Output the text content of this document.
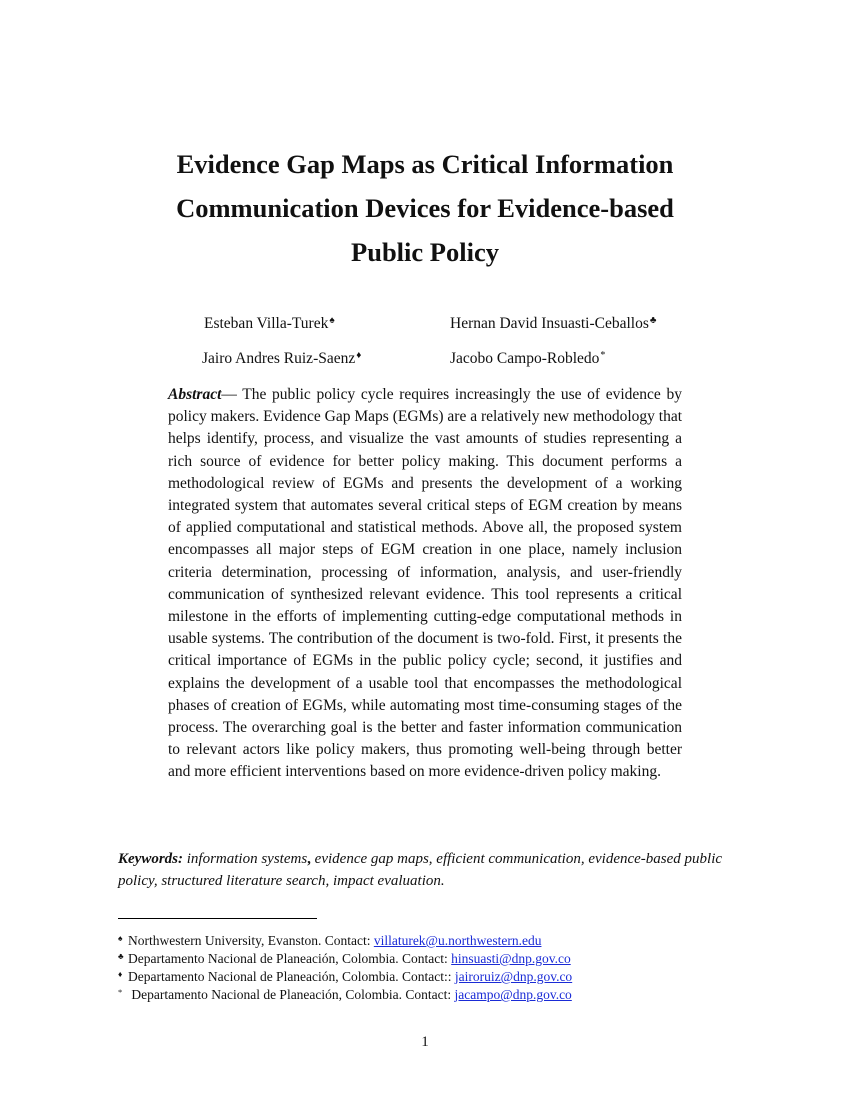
Evidence Gap Maps as Critical Information
Communication Devices for Evidence-based
Public Policy
Esteban Villa-Turek♠	Hernan David Insuasti-Ceballos♣
Jairo Andres Ruiz-Saenz♦	Jacobo Campo-Robledo*
Abstract— The public policy cycle requires increasingly the use of evidence by policy makers. Evidence Gap Maps (EGMs) are a relatively new methodology that helps identify, process, and visualize the vast amounts of studies representing a rich source of evidence for better policy making. This document performs a methodological review of EGMs and presents the development of a working integrated system that automates several critical steps of EGM creation by means of applied computational and statistical methods. Above all, the proposed system encompasses all major steps of EGM creation in one place, namely inclusion criteria determination, processing of information, analysis, and user-friendly communication of synthesized relevant evidence. This tool represents a critical milestone in the efforts of implementing cutting-edge computational methods in usable systems. The contribution of the document is two-fold. First, it presents the critical importance of EGMs in the public policy cycle; second, it justifies and explains the development of a usable tool that encompasses the methodological phases of creation of EGMs, while automating most time-consuming stages of the process. The overarching goal is the better and faster information communication to relevant actors like policy makers, thus promoting well-being through better and more efficient interventions based on more evidence-driven policy making.
Keywords: information systems, evidence gap maps, efficient communication, evidence-based public policy, structured literature search, impact evaluation.
♠ Northwestern University, Evanston. Contact: villaturek@u.northwestern.edu
♣ Departamento Nacional de Planeación, Colombia. Contact: hinsuasti@dnp.gov.co
♦ Departamento Nacional de Planeación, Colombia. Contact:: jairoruiz@dnp.gov.co
* Departamento Nacional de Planeación, Colombia. Contact: jacampo@dnp.gov.co
1
